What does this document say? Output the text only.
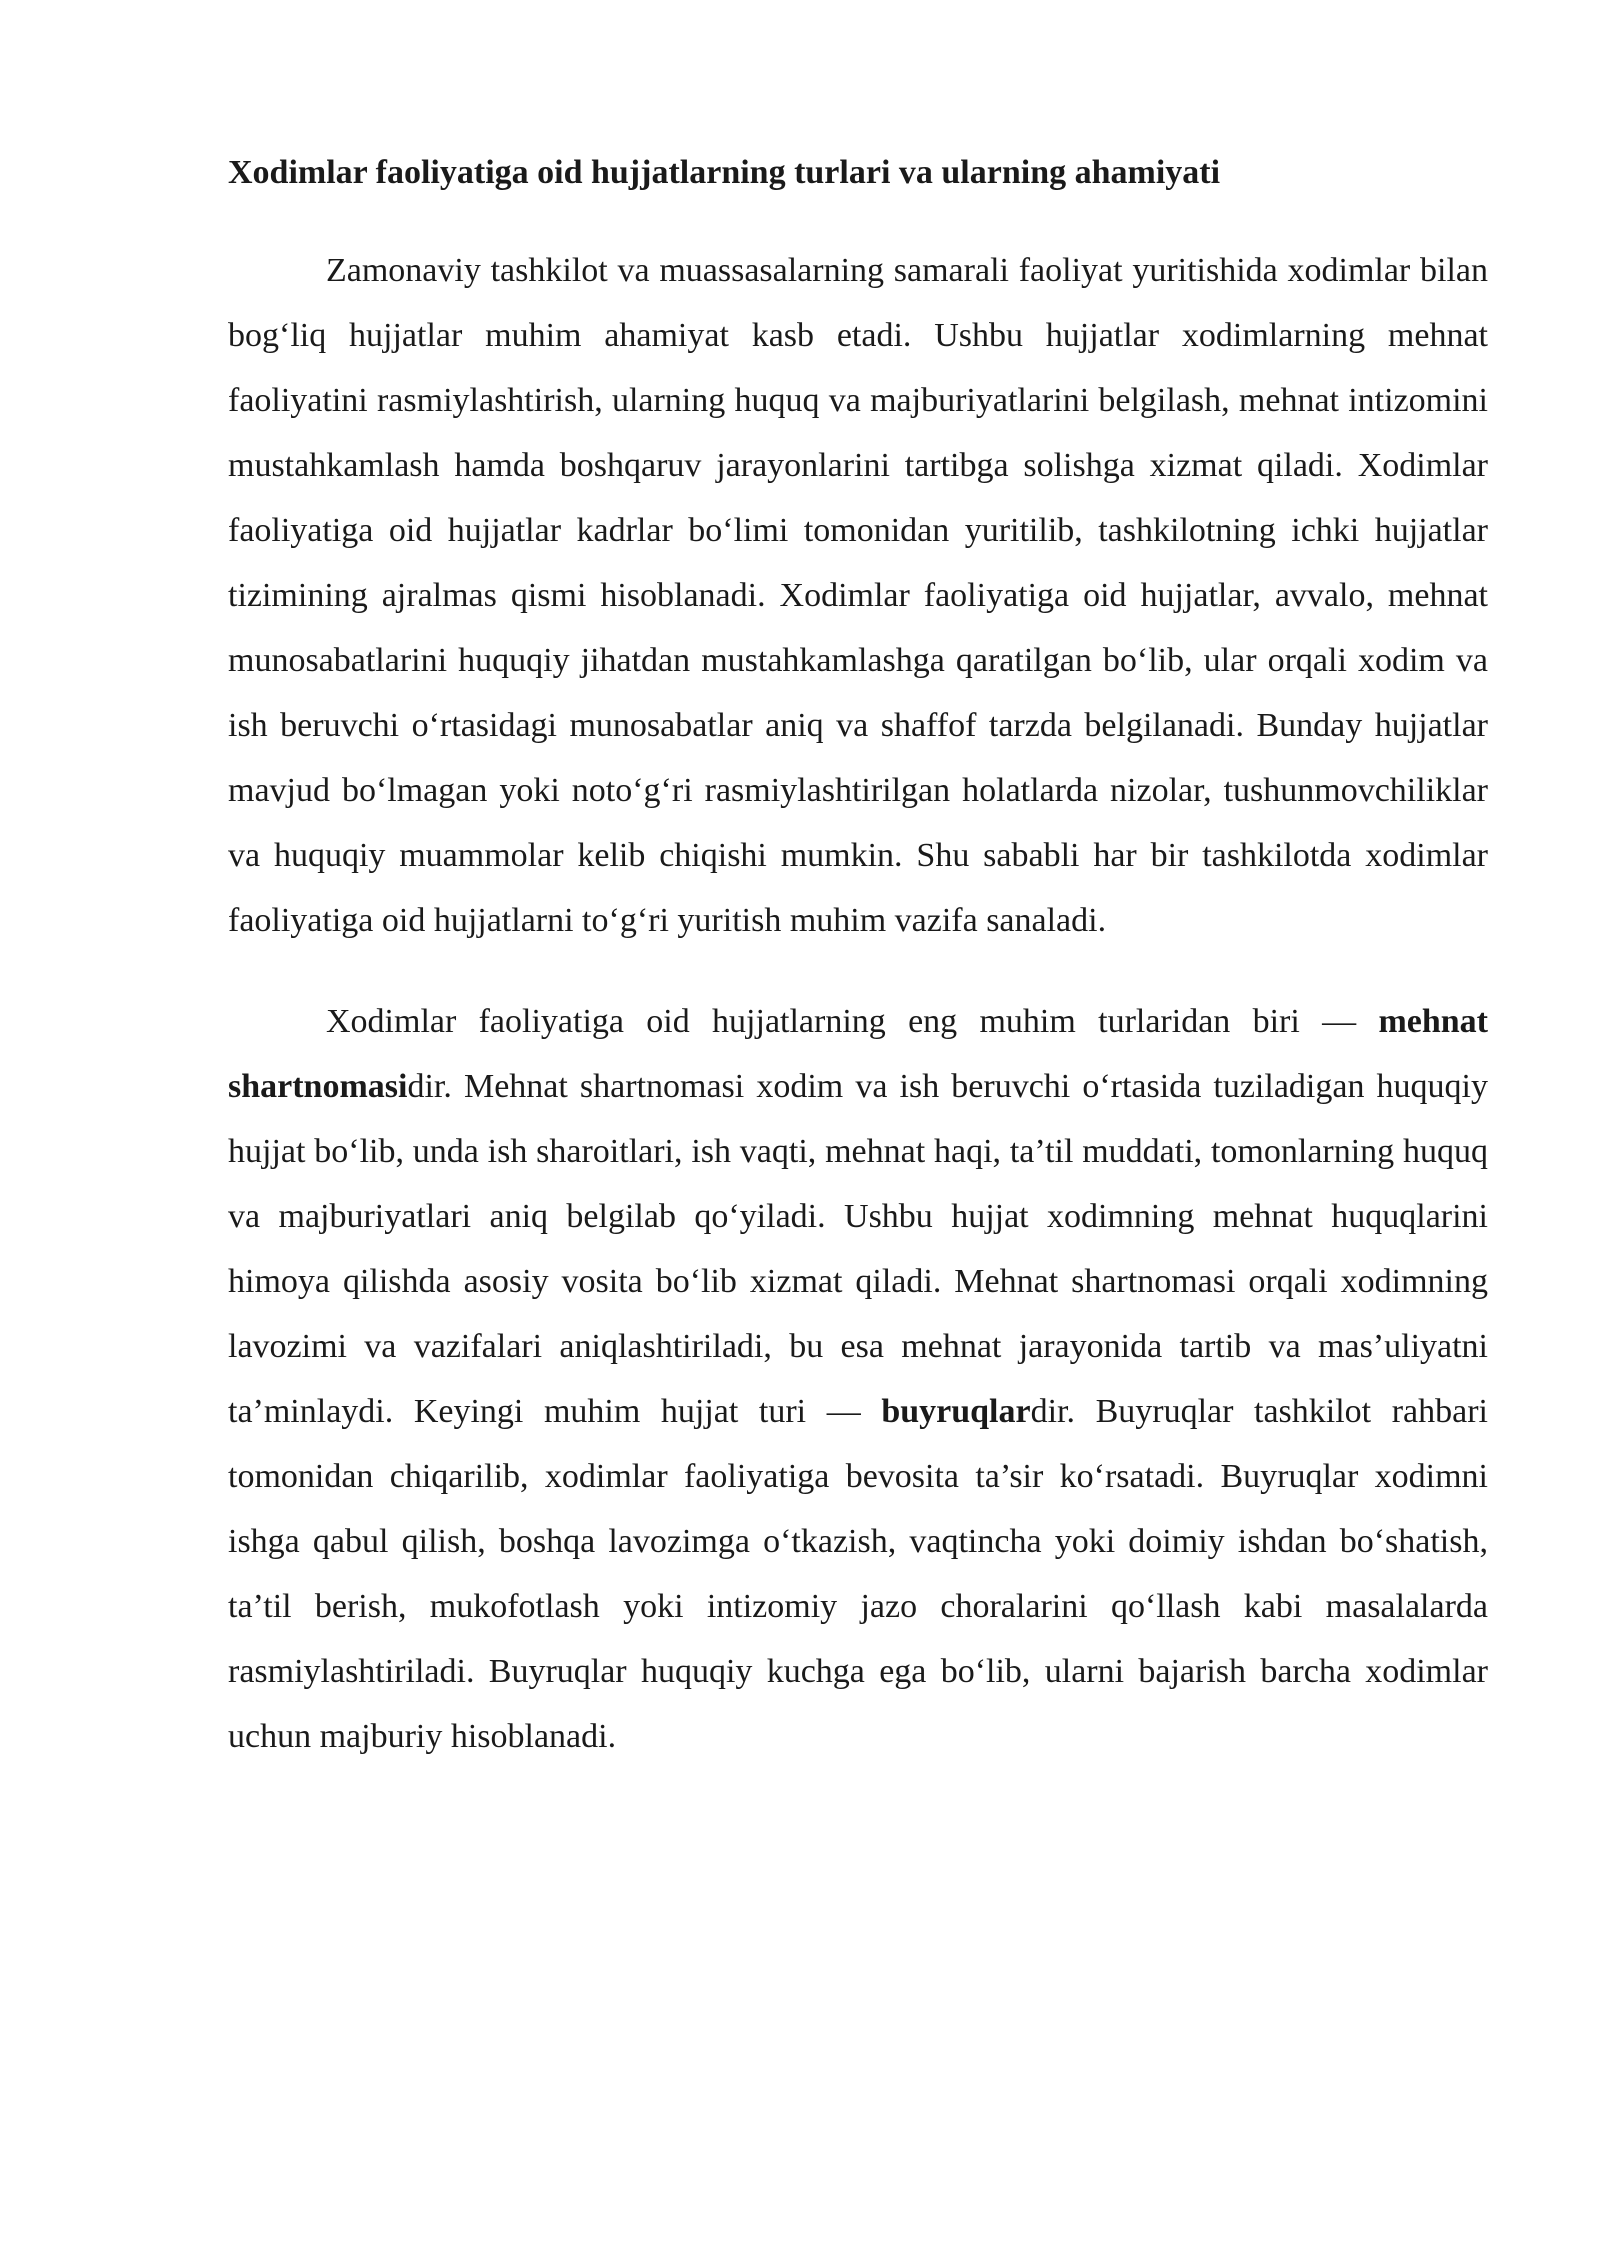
Xodimlar faoliyatiga oid hujjatlarning turlari va ularning ahamiyati

Zamonaviy tashkilot va muassasalarning samarali faoliyat yuritishida xodimlar bilan bog‘liq hujjatlar muhim ahamiyat kasb etadi. Ushbu hujjatlar xodimlarning mehnat faoliyatini rasmiylashtirish, ularning huquq va majburiyatlarini belgilash, mehnat intizomini mustahkamlash hamda boshqaruv jarayonlarini tartibga solishga xizmat qiladi. Xodimlar faoliyatiga oid hujjatlar kadrlar bo‘limi tomonidan yuritilib, tashkilotning ichki hujjatlar tizimining ajralmas qismi hisoblanadi. Xodimlar faoliyatiga oid hujjatlar, avvalo, mehnat munosabatlarini huquqiy jihatdan mustahkamlashga qaratilgan bo‘lib, ular orqali xodim va ish beruvchi o‘rtasidagi munosabatlar aniq va shaffof tarzda belgilanadi. Bunday hujjatlar mavjud bo‘lmagan yoki noto‘g‘ri rasmiylashtirilgan holatlarda nizolar, tushunmovchiliklar va huquqiy muammolar kelib chiqishi mumkin. Shu sababli har bir tashkilotda xodimlar faoliyatiga oid hujjatlarni to‘g‘ri yuritish muhim vazifa sanaladi.

Xodimlar faoliyatiga oid hujjatlarning eng muhim turlaridan biri — mehnat shartnomasidir. Mehnat shartnomasi xodim va ish beruvchi o‘rtasida tuziladigan huquqiy hujjat bo‘lib, unda ish sharoitlari, ish vaqti, mehnat haqi, ta’til muddati, tomonlarning huquq va majburiyatlari aniq belgilab qo‘yiladi. Ushbu hujjat xodimning mehnat huquqlarini himoya qilishda asosiy vosita bo‘lib xizmat qiladi. Mehnat shartnomasi orqali xodimning lavozimi va vazifalari aniqlashtiriladi, bu esa mehnat jarayonida tartib va mas’uliyatni ta’minlaydi. Keyingi muhim hujjat turi — buyruqlardir. Buyruqlar tashkilot rahbari tomonidan chiqarilib, xodimlar faoliyatiga bevosita ta’sir ko‘rsatadi. Buyruqlar xodimni ishga qabul qilish, boshqa lavozimga o‘tkazish, vaqtincha yoki doimiy ishdan bo‘shatish, ta’til berish, mukofotlash yoki intizomiy jazo choralarini qo‘llash kabi masalalarda rasmiylashtiriladi. Buyruqlar huquqiy kuchga ega bo‘lib, ularni bajarish barcha xodimlar uchun majburiy hisoblanadi.
